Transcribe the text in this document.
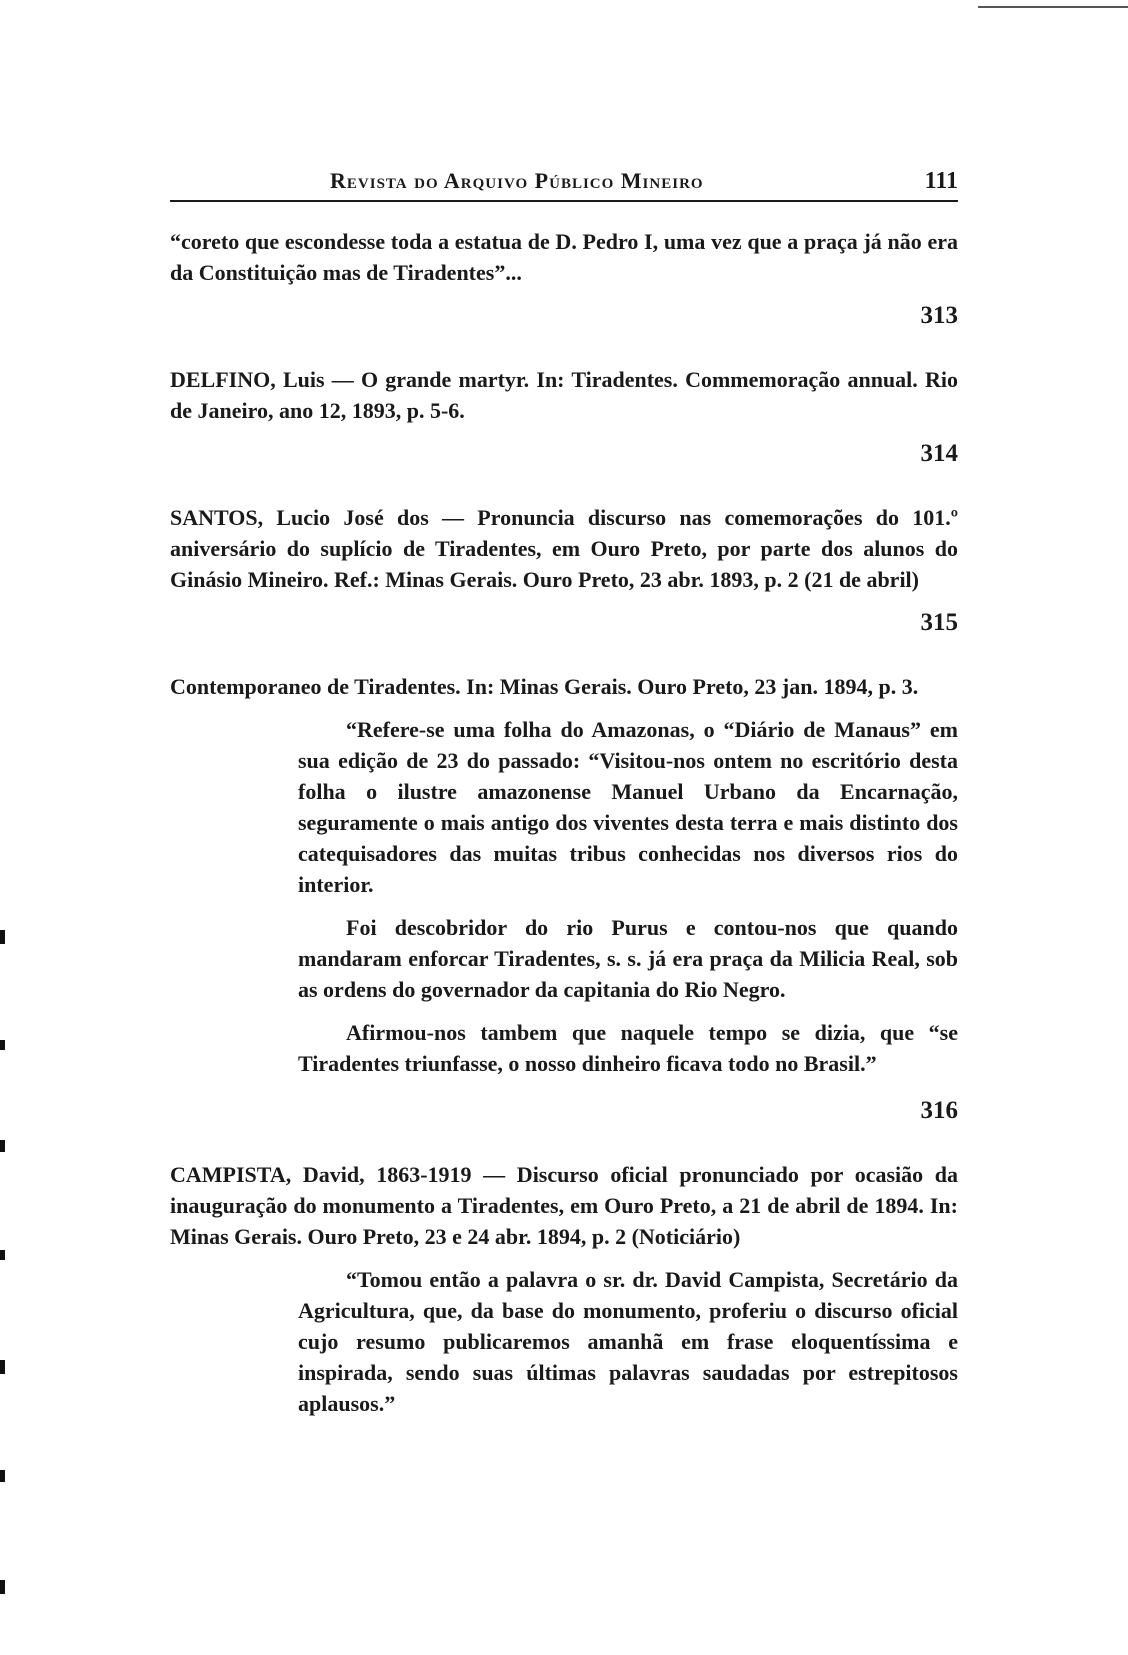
Revista do Arquivo Público Mineiro	111

“coreto que escondesse toda a estatua de D. Pedro I, uma vez que a praça já não era da Constituição mas de Tiradentes”...

313

DELFINO, Luis — O grande martyr. In: Tiradentes. Commemoração annual. Rio de Janeiro, ano 12, 1893, p. 5-6.

314

SANTOS, Lucio José dos — Pronuncia discurso nas comemorações do 101.º aniversário do suplício de Tiradentes, em Ouro Preto, por parte dos alunos do Ginásio Mineiro. Ref.: Minas Gerais. Ouro Preto, 23 abr. 1893, p. 2 (21 de abril)

315

Contemporaneo de Tiradentes. In: Minas Gerais. Ouro Preto, 23 jan. 1894, p. 3.

“Refere-se uma folha do Amazonas, o “Diário de Manaus” em sua edição de 23 do passado: “Visitou-nos ontem no escritório desta folha o ilustre amazonense Manuel Urbano da Encarnação, seguramente o mais antigo dos viventes desta terra e mais distinto dos catequisadores das muitas tribus conhecidas nos diversos rios do interior.

Foi descobridor do rio Purus e contou-nos que quando mandaram enforcar Tiradentes, s. s. já era praça da Milicia Real, sob as ordens do governador da capitania do Rio Negro.

Afirmou-nos tambem que naquele tempo se dizia, que “se Tiradentes triunfasse, o nosso dinheiro ficava todo no Brasil.”

316

CAMPISTA, David, 1863-1919 — Discurso oficial pronunciado por ocasião da inauguração do monumento a Tiradentes, em Ouro Preto, a 21 de abril de 1894. In: Minas Gerais. Ouro Preto, 23 e 24 abr. 1894, p. 2 (Noticiário)

“Tomou então a palavra o sr. dr. David Campista, Secretário da Agricultura, que, da base do monumento, proferiu o discurso oficial cujo resumo publicaremos amanhã em frase eloquentíssima e inspirada, sendo suas últimas palavras saudadas por estrepitosos aplausos.”
